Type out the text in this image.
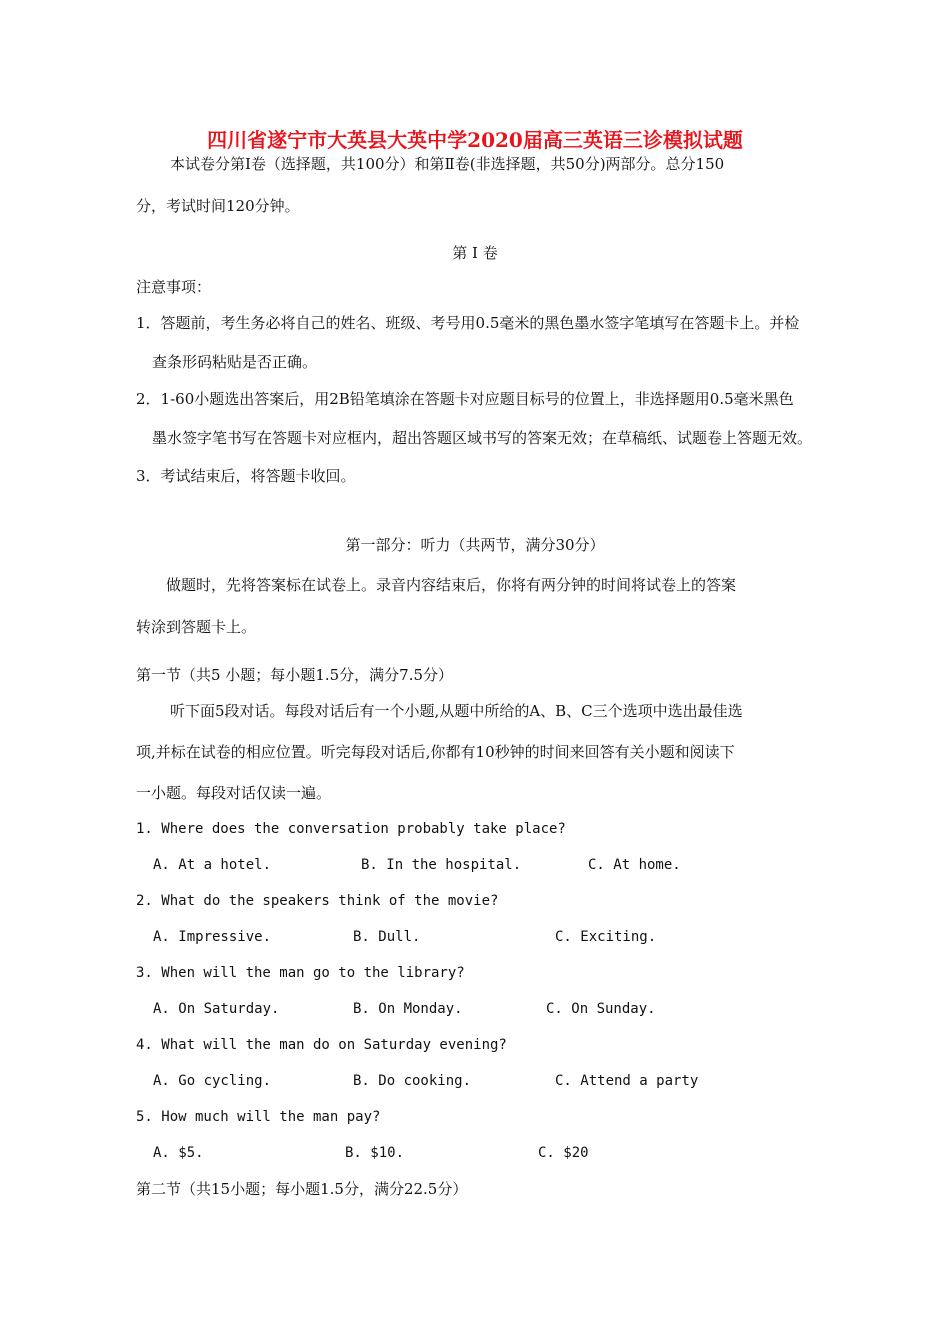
四川省遂宁市大英县大英中学2020届高三英语三诊模拟试题
本试卷分第Ⅰ卷（选择题，共100分）和第Ⅱ卷(非选择题，共50分)两部分。总分150
分，考试时间120分钟。
第 Ⅰ 卷
注意事项：
1．答题前，考生务必将自己的姓名、班级、考号用0.5毫米的黑色墨水签字笔填写在答题卡上。并检
查条形码粘贴是否正确。
2．1-60小题选出答案后，用2B铅笔填涂在答题卡对应题目标号的位置上，非选择题用0.5毫米黑色
墨水签字笔书写在答题卡对应框内，超出答题区域书写的答案无效；在草稿纸、试题卷上答题无效。
3．考试结束后，将答题卡收回。
第一部分：听力（共两节，满分30分）
做题时，先将答案标在试卷上。录音内容结束后，你将有两分钟的时间将试卷上的答案
转涂到答题卡上。
第一节（共5 小题；每小题1.5分，满分7.5分）
听下面5段对话。每段对话后有一个小题,从题中所给的A、B、C三个选项中选出最佳选
项,并标在试卷的相应位置。听完每段对话后,你都有10秒钟的时间来回答有关小题和阅读下
一小题。每段对话仅读一遍。
1. Where does the conversation probably take place?
A. At a hotel.	B. In the hospital.	C. At home.
2. What do the speakers think of the movie?
A. Impressive.	B. Dull.	C. Exciting.
3. When will the man go to the library?
A. On Saturday.	B. On Monday.	C. On Sunday.
4. What will the man do on Saturday evening?
A. Go cycling.	B. Do cooking.	C. Attend a party
5. How much will the man pay?
A. $5.	B. $10.	C. $20
第二节（共15小题；每小题1.5分，满分22.5分）
